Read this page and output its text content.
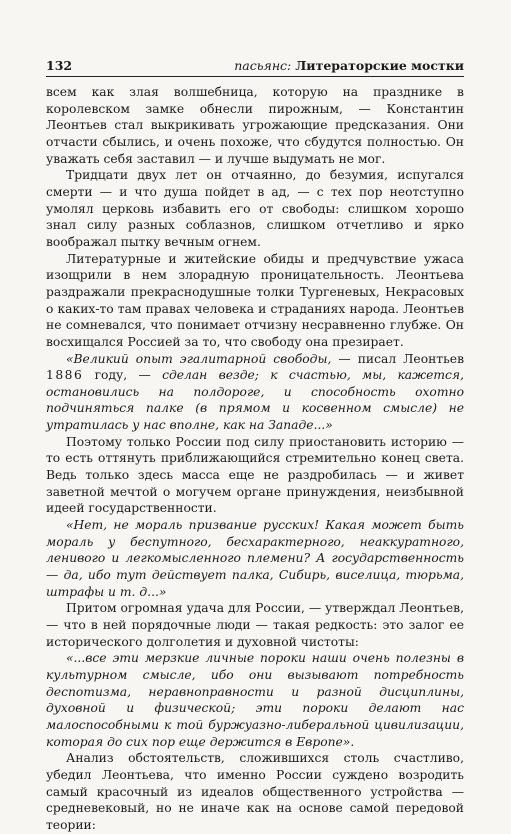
132	пасьянс: Литераторские мостки

всем как злая волшебница, которую на празднике в королевском замке обнесли пирожным, — Константин Леонтьев стал выкрикивать угрожающие предсказания. Они отчасти сбылись, и очень похоже, что сбудутся полностью. Он уважать себя заставил — и лучше выдумать не мог.

Тридцати двух лет он отчаянно, до безумия, испугался смерти — и что душа пойдет в ад, — с тех пор неотступно умолял церковь избавить его от свободы: слишком хорошо знал силу разных соблазнов, слишком отчетливо и ярко воображал пытку вечным огнем.

Литературные и житейские обиды и предчувствие ужаса изощрили в нем злорадную проницательность. Леонтьева раздражали прекраснодушные толки Тургеневых, Некрасовых о каких-то там правах человека и страданиях народа. Леонтьев не сомневался, что понимает отчизну несравненно глубже. Он восхищался Россией за то, что свободу она презирает.

«Великий опыт эгалитарной свободы, — писал Леонтьев 1886 году, — сделан везде; к счастью, мы, кажется, остановились на полдороге, и способность охотно подчиняться палке (в прямом и косвенном смысле) не утратилась у нас вполне, как на Западе...»

Поэтому только России под силу приостановить историю — то есть оттянуть приближающийся стремительно конец света. Ведь только здесь масса еще не раздробилась — и живет заветной мечтой о могучем органе принуждения, неизбывной идеей государственности.

«Нет, не мораль призвание русских! Какая может быть мораль у беспутного, бесхарактерного, неаккуратного, ленивого и легкомысленного племени? А государственность — да, ибо тут действует палка, Сибирь, виселица, тюрьма, штрафы и т. д...»

Притом огромная удача для России, — утверждал Леонтьев, — что в ней порядочные люди — такая редкость: это залог ее исторического долголетия и духовной чистоты:

«...все эти мерзкие личные пороки наши очень полезны в культурном смысле, ибо они вызывают потребность деспотизма, неравноправности и разной дисциплины, духовной и физической; эти пороки делают нас малоспособными к той буржуазно-либеральной цивилизации, которая до сих пор еще держится в Европе».

Анализ обстоятельств, сложившихся столь счастливо, убедил Леонтьева, что именно России суждено возродить самый красочный из идеалов общественного устройства — средневековый, но не иначе как на основе самой передовой теории:
